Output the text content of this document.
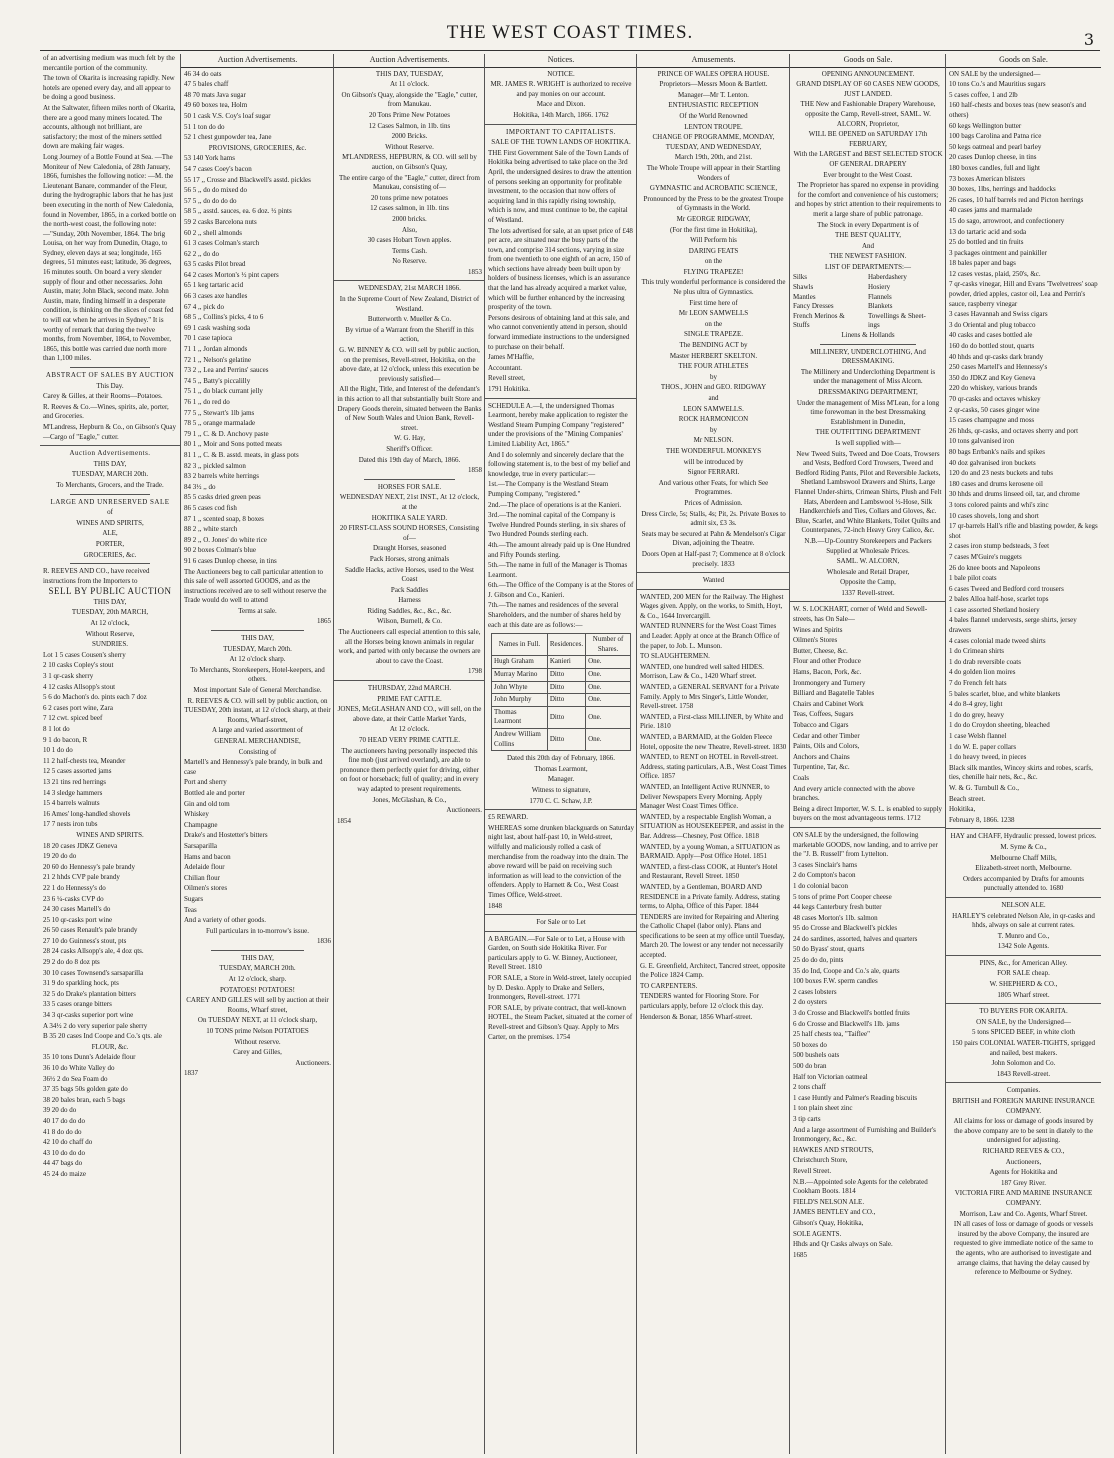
THE WEST COAST TIMES.	3
of an advertising medium was much felt by the mercantile portion of the community.
The town of Okarita is increasing rapidly. New hotels are opened every day, and all appear to be doing a good business.
At the Saltwater, fifteen miles north of Okarita, there are a good many miners located. The accounts, although not brilliant, are satisfactory; the most of the miners settled down are making fair wages.
Long Journey of a Bottle Found at Sea. —The Moniteur of New Caledonia, of 28th January, 1866, furnishes the following notice: —M. the Lieutenant Banare, commander of the Fleur, during the hydrographic labors that he has just been executing in the north of New Caledonia, found in November, 1865, in a corked bottle on the north-west coast, the following note:—"Sunday, 20th November, 1864. The brig Louisa, on her way from Dunedin, Otago, to Sydney, eleven days at sea; longitude, 165 degrees, 51 minutes east; latitude, 36 degrees, 16 minutes south. On board a very slender supply of flour and other necessaries. John Austin, mate; John Black, second mate. John Austin, mate, finding himself in a desperate condition, is thinking on the slices of coast fed to will eat when he arrives in Sydney." It is worthy of remark that during the twelve months, from November, 1864, to November, 1865, this bottle was carried due north more than 1,100 miles.
ABSTRACT OF SALES BY AUCTION
This Day.
Carey & Gilles, at their Rooms—Potatoes.
R. Reeves & Co.—Wines, spirits, ale, porter, and Groceries.
M'Landress, Hepburn & Co., on Gibson's Quay—Cargo of "Eagle," cutter.
Auction Advertisements.
THIS DAY,
TUESDAY, MARCH 20th.
To Merchants, Grocers, and the Trade.
LARGE AND UNRESERVED SALE
of
WINES AND SPIRITS,
ALE,
PORTER,
GROCERIES, &c.
R. REEVES AND CO., have received instructions from the Importers to
SELL BY PUBLIC AUCTION
THIS DAY,
TUESDAY, 20th MARCH,
At 12 o'clock,
Without Reserve,
SUNDRIES.
Lot 1 5 cases Cousen's sherry
2 10 casks Copley's stout
3 1 qr-cask sherry
4 12 casks Allsopp's stout
5 6 do Machon's do. pints each 7 doz
6 2 cases port wine, Zara
7 12 cwt. spiced beef
8 1 lot do
9 1 do bacon, R
10 1 do do
11 2 half-chests tea, Meander
12 5 cases assorted jams
13 21 tins red herrings
14 3 sledge hammers
15 4 barrels walnuts
16 Ames' long-handled shovels
17 7 nests iron tubs
WINES AND SPIRITS.
18 20 cases JDKZ Geneva
19 20 do do
20 60 do Hennessy's pale brandy
21 2 hhds CVP pale brandy
22 1 do Hennessy's do
23 6 ¼-casks CVP do
24 30 cases Martell's do
25 10 qr-casks port wine
26 50 cases Renault's pale brandy
27 10 do Guinness's stout, pts
28 24 casks Allsopp's ale, 4 doz qts.
29 2 do do 8 doz pts
30 10 cases Townsend's sarsaparilla
31 9 do sparkling hock, pts
32 5 do Drake's plantation bitters
33 5 cases orange bitters
34 3 qr-casks superior port wine
A 34½ 2 do very superior pale sherry
B 35 20 cases Ind Coope and Co.'s qts. ale
FLOUR, &c.
35 10 tons Dunn's Adelaide flour
36 10 do White Valley do
36½ 2 do Sea Foam do
37 35 bags 50s golden gate do
38 20 bales bran, each 5 bags
39 20 do do
40 17 do do do
41 8 do do do
42 10 do chaff do
43 10 do do do
44 47 bags do
45 24 do maize
Auction Advertisements.
46 34 do oats
47 5 bales chaff
48 70 mats Java sugar
49 60 boxes tea, Holm
50 1 cask V.S. Coy's loaf sugar
51 1 ton do do
52 1 chest gunpowder tea, Jane
PROVISIONS, GROCERIES, &c.
53 140 York hams
54 7 cases Coey's bacon
55 17 ,, Crosse and Blackwell's asstd. pickles
56 5 ,, do do mixed do
57 5 ,, do do do do
58 5 ,, asstd. sauces, ea. 6 doz. ½ pints
59 2 casks Barcelona nuts
60 2 ,, shell almonds
61 3 cases Colman's starch
62 2 ,, do do
63 5 casks Pilot bread
64 2 cases Morton's ½ pint capers
65 1 keg tartaric acid
66 3 cases axe handles
67 4 ,, pick do
68 5 ,, Collins's picks, 4 to 6
69 1 cask washing soda
70 1 case tapioca
71 1 ,, Jordan almonds
72 1 ,, Nelson's gelatine
73 2 ,, Lea and Perrins' sauces
74 5 ,, Batty's piccalilly
75 1 ,, do black currant jelly
76 1 ,, do red do
77 5 ,, Stewart's 1lb jams
78 5 ,, orange marmalade
79 1 ,, C. & D. Anchovy paste
80 1 ,, Moir and Sons potted meats
81 1 ,, C. & B. asstd. meats, in glass pots
82 3 ,, pickled salmon
83 2 barrels white herrings
84 3½ ,, do
85 5 casks dried green peas
86 5 cases cod fish
87 1 ,, scented soap, 8 boxes
88 2 ,, white starch
89 2 ,, O. Jones' do white rice
90 2 boxes Colman's blue
91 6 cases Dunlop cheese, in tins
The Auctioneers beg to call particular attention to this sale of well assorted GOODS, and as the instructions received are to sell without reserve the Trade would do well to attend
Terms at sale.
1865
THIS DAY,
TUESDAY, March 20th.
At 12 o'clock sharp.
To Merchants, Storekeepers, Hotel-keepers, and others.
Most important Sale of General Merchandise.
R. REEVES & CO. will sell by public auction, on TUESDAY, 20th instant, at 12 o'clock sharp, at their Rooms, Wharf-street,
A large and varied assortment of
GENERAL MERCHANDISE,
Consisting of
Martell's and Hennessy's pale brandy, in bulk and case
Port and sherry
Bottled ale and porter
Gin and old tom
Whiskey
Champagne
Drake's and Hostetter's bitters
Sarsaparilla
Hams and bacon
Adelaide flour
Chilian flour
Oilmen's stores
Sugars
Teas
And a variety of other goods.
Full particulars in to-morrow's issue.
1836
THIS DAY,
TUESDAY, MARCH 20th.
At 12 o'clock, sharp.
POTATOES! POTATOES!
CAREY AND GILLES will sell by auction at their Rooms, Wharf street,
On TUESDAY NEXT, at 11 o'clock sharp,
10 TONS prime Nelson POTATOES
Without reserve.
Carey and Gilles,
Auctioneers.
1837
Auction Advertisements.
THIS DAY, TUESDAY,
At 11 o'clock.
On Gibson's Quay, alongside the "Eagle," cutter, from Manukau.
20 Tons Prime New Potatoes
12 Cases Salmon, in 1lb. tins
2000 Bricks.
Without Reserve.
M'LANDRESS, HEPBURN, & CO. will sell by auction, on Gibson's Quay,
The entire cargo of the "Eagle," cutter, direct from Manukau, consisting of—
20 tons prime new potatoes
12 cases salmon, in 1lb. tins
2000 bricks.
Also,
30 cases Hobart Town apples.
Terms Cash.
No Reserve.
1853
WEDNESDAY, 21st MARCH 1866.
In the Supreme Court of New Zealand, District of Westland.
Butterworth v. Mueller & Co.
By virtue of a Warrant from the Sheriff in this action,
G. W. BINNEY & CO. will sell by public auction, on the premises, Revell-street, Hokitika, on the above date, at 12 o'clock, unless this execution be previously satisfied—
All the Right, Title, and Interest of the defendant's in this action to all that substantially built Store and Drapery Goods therein, situated between the Banks of New South Wales and Union Bank, Revell-street.
W. G. Hay,
Sheriff's Officer.
Dated this 19th day of March, 1866.
1858
HORSES FOR SALE.
WEDNESDAY NEXT, 21st INST., At 12 o'clock, at the
HOKITIKA SALE YARD.
20 FIRST-CLASS SOUND HORSES, Consisting of—
Draught Horses, seasoned
Pack Horses, strong animals
Saddle Hacks, active Horses, used to the West Coast
Pack Saddles
Harness
Riding Saddles, &c., &c., &c.
Wilson, Burnell, & Co.
The Auctioneers call especial attention to this sale, all the Horses being known animals in regular work, and parted with only because the owners are about to cave the Coast.
1798
THURSDAY, 22nd MARCH.
PRIME FAT CATTLE.
JONES, McGLASHAN AND CO., will sell, on the above date, at their Cattle Market Yards,
At 12 o'clock.
70 HEAD VERY PRIME CATTLE.
The auctioneers having personally inspected this fine mob (just arrived overland), are able to pronounce them perfectly quiet for driving, either on foot or horseback; full of quality; and in every way adapted to present requirements.
Jones, McGlashan, & Co.,
Auctioneers.
1854
Notices.
NOTICE.
MR. JAMES R. WRIGHT is authorized to receive and pay monies on our account.
Mace and Dixon.
Hokitika, 14th March, 1866. 1762
IMPORTANT TO CAPITALISTS.
SALE OF THE TOWN LANDS OF HOKITIKA.
THE First Government Sale of the Town Lands of Hokitika being advertised to take place on the 3rd April, the undersigned desires to draw the attention of persons seeking an opportunity for profitable investment, to the occasion that now offers of acquiring land in this rapidly rising township, which is now, and must continue to be, the capital of Westland.
The lots advertised for sale, at an upset price of £48 per acre, are situated near the busy parts of the town, and comprise 314 sections, varying in size from one twentieth to one eighth of an acre, 150 of which sections have already been built upon by holders of business licenses, which is an assurance that the land has already acquired a market value, which will be further enhanced by the increasing prosperity of the town.
Persons desirous of obtaining land at this sale, and who cannot conveniently attend in person, should forward immediate instructions to the undersigned to purchase on their behalf.
James M'Haffie,
Accountant.
Revell street,
1791 Hokitika.
SCHEDULE A.—I, the undersigned Thomas Learmont, hereby make application to register the Westland Steam Pumping Company "registered" under the provisions of the "Mining Companies' Limited Liability Act, 1865."
And I do solemnly and sincerely declare that the following statement is, to the best of my belief and knowledge, true in every particular:—
1st.—The Company is the Westland Steam Pumping Company, "registered."
2nd.—The place of operations is at the Kanieri.
3rd.—The nominal capital of the Company is Twelve Hundred Pounds sterling, in six shares of Two Hundred Pounds sterling each.
4th.—The amount already paid up is One Hundred and Fifty Pounds sterling.
5th.—The name in full of the Manager is Thomas Learmont.
6th.—The Office of the Company is at the Stores of J. Gibson and Co., Kanieri.
7th.—The names and residences of the several Shareholders, and the number of shares held by each at this date are as follows:—
Names in Full.	Residences.	Number of Shares.
Hugh Graham	Kanieri	One.
Murray Marino	Ditto	One.
John Whyte	Ditto	One.
John Murphy	Ditto	One.
Thomas Learmont	Ditto	One.
Andrew William Collins	Ditto	One.
Dated this 20th day of February, 1866.
Thomas Learmont,
Manager.
Witness to signature,
1770 C. C. Schaw, J.P.
£5 REWARD.
WHEREAS some drunken blackguards on Saturday night last, about half-past 10, in Weld-street, wilfully and maliciously rolled a cask of merchandise from the roadway into the drain. The above reward will be paid on receiving such information as will lead to the conviction of the offenders. Apply to Harnett & Co., West Coast Times Office, Weld-street.
1848
For Sale or to Let
A BARGAIN.—For Sale or to Let, a House with Garden, on South side Hokitika River. For particulars apply to G. W. Binney, Auctioneer, Revell Street. 1810
FOR SALE, a Store in Weld-street, lately occupied by D. Desko. Apply to Drake and Sellers, Ironmongers, Revell-street. 1771
FOR SALE, by private contract, that well-known HOTEL, the Steam Packet, situated at the corner of Revell-street and Gibson's Quay. Apply to Mrs Carter, on the premises. 1754
Amusements.
PRINCE OF WALES OPERA HOUSE.
Proprietors—Messrs Moon & Bartlett.
Manager—Mr T. Lenton.
ENTHUSIASTIC RECEPTION
Of the World Renowned
LENTON TROUPE.
CHANGE OF PROGRAMME, MONDAY, TUESDAY, AND WEDNESDAY,
March 19th, 20th, and 21st.
The Whole Troupe will appear in their Startling Wonders of
GYMNASTIC and ACROBATIC SCIENCE,
Pronounced by the Press to be the greatest Troupe of Gymnasts in the World.
Mr GEORGE RIDGWAY,
(For the first time in Hokitika),
Will Perform his
DARING FEATS
on the
FLYING TRAPEZE!
This truly wonderful performance is considered the Ne plus ultra of Gymnastics.
First time here of
Mr LEON SAMWELLS
on the
SINGLE TRAPEZE.
The BENDING ACT by
Master HERBERT SKELTON.
THE FOUR ATHLETES
by
THOS., JOHN and GEO. RIDGWAY
and
LEON SAMWELLS.
ROCK HARMONICON
by
Mr NELSON.
THE WONDERFUL MONKEYS
will be introduced by
Signor FERRARI.
And various other Feats, for which See Programmes.
Prices of Admission.
Dress Circle, 5s; Stalls, 4s; Pit, 2s. Private Boxes to admit six, £3 3s.
Seats may be secured at Pahn & Mendelson's Cigar Divan, adjoining the Theatre.
Doors Open at Half-past 7; Commence at 8 o'clock precisely. 1833
Wanted
WANTED, 200 MEN for the Railway. The Highest Wages given. Apply, on the works, to Smith, Hoyt, & Co., 1644 Invercargill.
WANTED RUNNERS for the West Coast Times and Leader. Apply at once at the Branch Office of the paper, to Job. L. Munson.
TO SLAUGHTERMEN.
WANTED, one hundred well salted HIDES. Morrison, Law & Co., 1420 Wharf street.
WANTED, a GENERAL SERVANT for a Private Family. Apply to Mrs Singer's, Little Wonder, Revell-street. 1758
WANTED, a First-class MILLINER, by White and Pirie. 1810
WANTED, a BARMAID, at the Golden Fleece Hotel, opposite the new Theatre, Revell-street. 1830
WANTED, to RENT on HOTEL in Revell-street. Address, stating particulars, A.B., West Coast Times Office. 1857
WANTED, an Intelligent Active RUNNER, to Deliver Newspapers Every Morning. Apply Manager West Coast Times Office.
WANTED, by a respectable English Woman, a SITUATION as HOUSEKEEPER, and assist in the Bar. Address—Chesney, Post Office. 1818
WANTED, by a young Woman, a SITUATION as BARMAID. Apply—Post Office Hotel. 1851
WANTED, a first-class COOK, at Hunter's Hotel and Restaurant, Revell Street. 1850
WANTED, by a Gentleman, BOARD AND RESIDENCE in a Private family. Address, stating terms, to Alpha, Office of this Paper. 1844
TENDERS are invited for Repairing and Altering the Catholic Chapel (labor only). Plans and specifications to be seen at my office until Tuesday, March 20. The lowest or any tender not necessarily accepted.
G. E. Greenfield, Architect, Tancred street, opposite the Police 1824 Camp.
TO CARPENTERS.
TENDERS wanted for Flooring Store. For particulars apply, before 12 o'clock this day.
Henderson & Bonar, 1856 Wharf-street.
Goods on Sale.
OPENING ANNOUNCEMENT.
GRAND DISPLAY OF 60 CASES NEW GOODS, JUST LANDED.
THE New and Fashionable Drapery Warehouse, opposite the Camp, Revell-street, SAML. W. ALCORN, Proprietor,
WILL BE OPENED on SATURDAY 17th FEBRUARY,
With the LARGEST and BEST SELECTED STOCK OF GENERAL DRAPERY
Ever brought to the West Coast.
The Proprietor has spared no expense in providing for the comfort and convenience of his customers; and hopes by strict attention to their requirements to merit a large share of public patronage.
The Stock in every Department is of
THE BEST QUALITY,
And
THE NEWEST FASHION.
LIST OF DEPARTMENTS:—
Silks	Haberdashery
Shawls	Hosiery
Mantles	Flannels
Fancy Dresses	Blankets
French Merinos &	Towellings & Sheet-
Stuffs	ings
Linens & Hollands
MILLINERY, UNDERCLOTHING, And DRESSMAKING.
The Millinery and Underclothing Department is under the management of Miss Alcorn.
DRESSMAKING DEPARTMENT,
Under the management of Miss M'Lean, for a long time forewoman in the best Dressmaking Establishment in Dunedin,
THE OUTFITTING DEPARTMENT
Is well supplied with—
New Tweed Suits, Tweed and Doe Coats, Trowsers and Vests, Bedford Cord Trowsers, Tweed and Bedford Riding Pants, Pilot and Reversible Jackets, Shetland Lambswool Drawers and Shirts, Large Flannel Under-shirts, Crimean Shirts, Plush and Felt Hats, Aberdeen and Lambswool ½-Hose, Silk Handkerchiefs and Ties, Collars and Gloves, &c. Blue, Scarlet, and White Blankets, Toilet Quilts and Counterpanes, 72-inch Heavy Grey Calico, &c.
N.B.—Up-Country Storekeepers and Packers Supplied at Wholesale Prices.
SAML. W. ALCORN,
Wholesale and Retail Draper,
Opposite the Camp,
1337 Revell-street.
W. S. LOCKHART, corner of Weld and Sewell-streets, has On Sale—
Wines and Spirits
Oilmen's Stores
Butter, Cheese, &c.
Flour and other Produce
Hams, Bacon, Pork, &c.
Ironmongery and Turnery
Billiard and Bagatelle Tables
Chairs and Cabinet Work
Teas, Coffees, Sugars
Tobacco and Cigars
Cedar and other Timber
Paints, Oils and Colors,
Anchors and Chains
Turpentine, Tar, &c.
Coals
And every article connected with the above branches.
Being a direct Importer, W. S. L. is enabled to supply buyers on the most advantageous terms. 1712
ON SALE by the undersigned, the following marketable GOODS, now landing, and to arrive per the "J. B. Russell" from Lyttelton.
3 cases Sinclair's hams
2 do Compton's bacon
1 do colonial bacon
5 tons of prime Port Cooper cheese
44 kegs Canterbury fresh butter
48 cases Morton's 1lb. salmon
95 do Crosse and Blackwell's pickles
24 do sardines, assorted, halves and quarters
50 do Byass' stout, quarts
25 do do do, pints
35 do Ind, Coope and Co.'s ale, quarts
100 boxes F.W. sperm candles
2 cases lobsters
2 do oysters
3 do Crosse and Blackwell's bottled fruits
6 do Crosse and Blackwell's 1lb. jams
25 half chests tea, "Taiflee"
50 boxes do
500 bushels oats
500 do bran
Half ton Victorian oatmeal
2 tons chaff
1 case Huntly and Palmer's Reading biscuits
1 ton plain sheet zinc
3 tip carts
And a large assortment of Furnishing and Builder's Ironmongery, &c., &c.
HAWKES AND STROUTS,
Christchurch Store,
Revell Street.
N.B.—Appointed sole Agents for the celebrated Cookham Boots. 1814
FIELD'S NELSON ALE.
JAMES BENTLEY and CO.,
Gibson's Quay, Hokitika,
SOLE AGENTS.
Hhds and Qr Casks always on Sale.
1685
Goods on Sale.
ON SALE by the undersigned—
10 tons Co.'s and Mauritius sugars
5 cases coffee, 1 and 2lb
160 half-chests and boxes teas (new season's and others)
60 kegs Wellington butter
100 bags Carolina and Patna rice
50 kegs oatmeal and pearl barley
20 cases Dunlop cheese, in tins
180 boxes candles, full and light
73 boxes American blisters
30 boxes, 1lbs, herrings and haddocks
26 cases, 10 half barrels red and Picton herrings
40 cases jams and marmalade
15 do sago, arrowroot, and confectionery
13 do tartaric acid and soda
25 do bottled and tin fruits
3 packages ointment and painkiller
18 bales paper and bags
12 cases vestas, plaid, 250's, &c.
7 qr-casks vinegar, Hill and Evans 'Twelvetrees' soap powder, dried apples, castor oil, Lea and Perrin's sauce, raspberry vinegar
3 cases Havannah and Swiss cigars
3 do Oriental and plug tobacco
40 casks and cases bottled ale
160 do do bottled stout, quarts
40 hhds and qr-casks dark brandy
250 cases Martell's and Hennessy's
350 do JDKZ and Key Geneva
220 do whiskey, various brands
70 qr-casks and octaves whiskey
2 qr-casks, 50 cases ginger wine
15 cases champagne and moss
26 hhds, qr-casks, and octaves sherry and port
10 tons galvanised iron
80 bags Errbank's nails and spikes
40 doz galvanised iron buckets
120 do and 23 nests buckets and tubs
180 cases and drums kerosene oil
30 hhds and drums linseed oil, tar, and chrome
3 tons colored paints and whi's zinc
10 cases shovels, long and short
17 qr-barrels Hall's rifle and blasting powder, & kegs shot
2 cases iron stump bedsteads, 3 feet
7 cases M'Guire's nuggets
26 do knee boots and Napoleons
1 bale pilot coats
6 cases Tweed and Bedford cord trousers
2 bales Alloa half-hose, scarlet tops
1 case assorted Shetland hosiery
4 bales flannel undervests, serge shirts, jersey drawers
4 cases colonial made tweed shirts
1 do Crimean shirts
1 do drab reversible coats
4 do golden lion moires
7 do French felt hats
5 bales scarlet, blue, and white blankets
4 do 8-4 grey, light
1 do do grey, heavy
1 do do Croydon sheeting, bleached
1 case Welsh flannel
1 do W. E. paper collars
1 do heavy tweed, in pieces
Black silk mantles, Wincey skirts and robes, scarfs, ties, chenille hair nets, &c., &c.
W. & G. Turnbull & Co.,
Beach street.
Hokitika,
February 8, 1866. 1238
HAY and CHAFF, Hydraulic pressed, lowest prices.
M. Syme & Co.,
Melbourne Chaff Mills,
Elizabeth-street north, Melbourne.
Orders accompanied by Drafts for amounts punctually attended to. 1680
NELSON ALE.
HARLEY'S celebrated Nelson Ale, in qr-casks and hhds, always on sale at current rates.
T. Munro and Co.,
1342 Sole Agents.
PINS, &c., for American Alley.
FOR SALE cheap.
W. SHEPHERD & CO.,
1805 Wharf street.
TO BUYERS FOR OKARITA.
ON SALE, by the Undersigned—
5 tons SPICED BEEF, in white cloth
150 pairs COLONIAL WATER-TIGHTS, sprigged and nailed, best makers.
John Solomon and Co.
1843 Revell-street.
Companies.
BRITISH and FOREIGN MARINE INSURANCE COMPANY.
All claims for loss or damage of goods insured by the above company are to be sent in diately to the undersigned for adjusting.
RICHARD REEVES & CO.,
Auctioneers,
Agents for Hokitika and
187 Grey River.
VICTORIA FIRE AND MARINE INSURANCE COMPANY.
Morrison, Law and Co. Agents, Wharf Street.
IN all cases of loss or damage of goods or vessels insured by the above Company, the insured are requested to give immediate notice of the same to the agents, who are authorised to investigate and arrange claims, that having the delay caused by reference to Melbourne or Sydney.
